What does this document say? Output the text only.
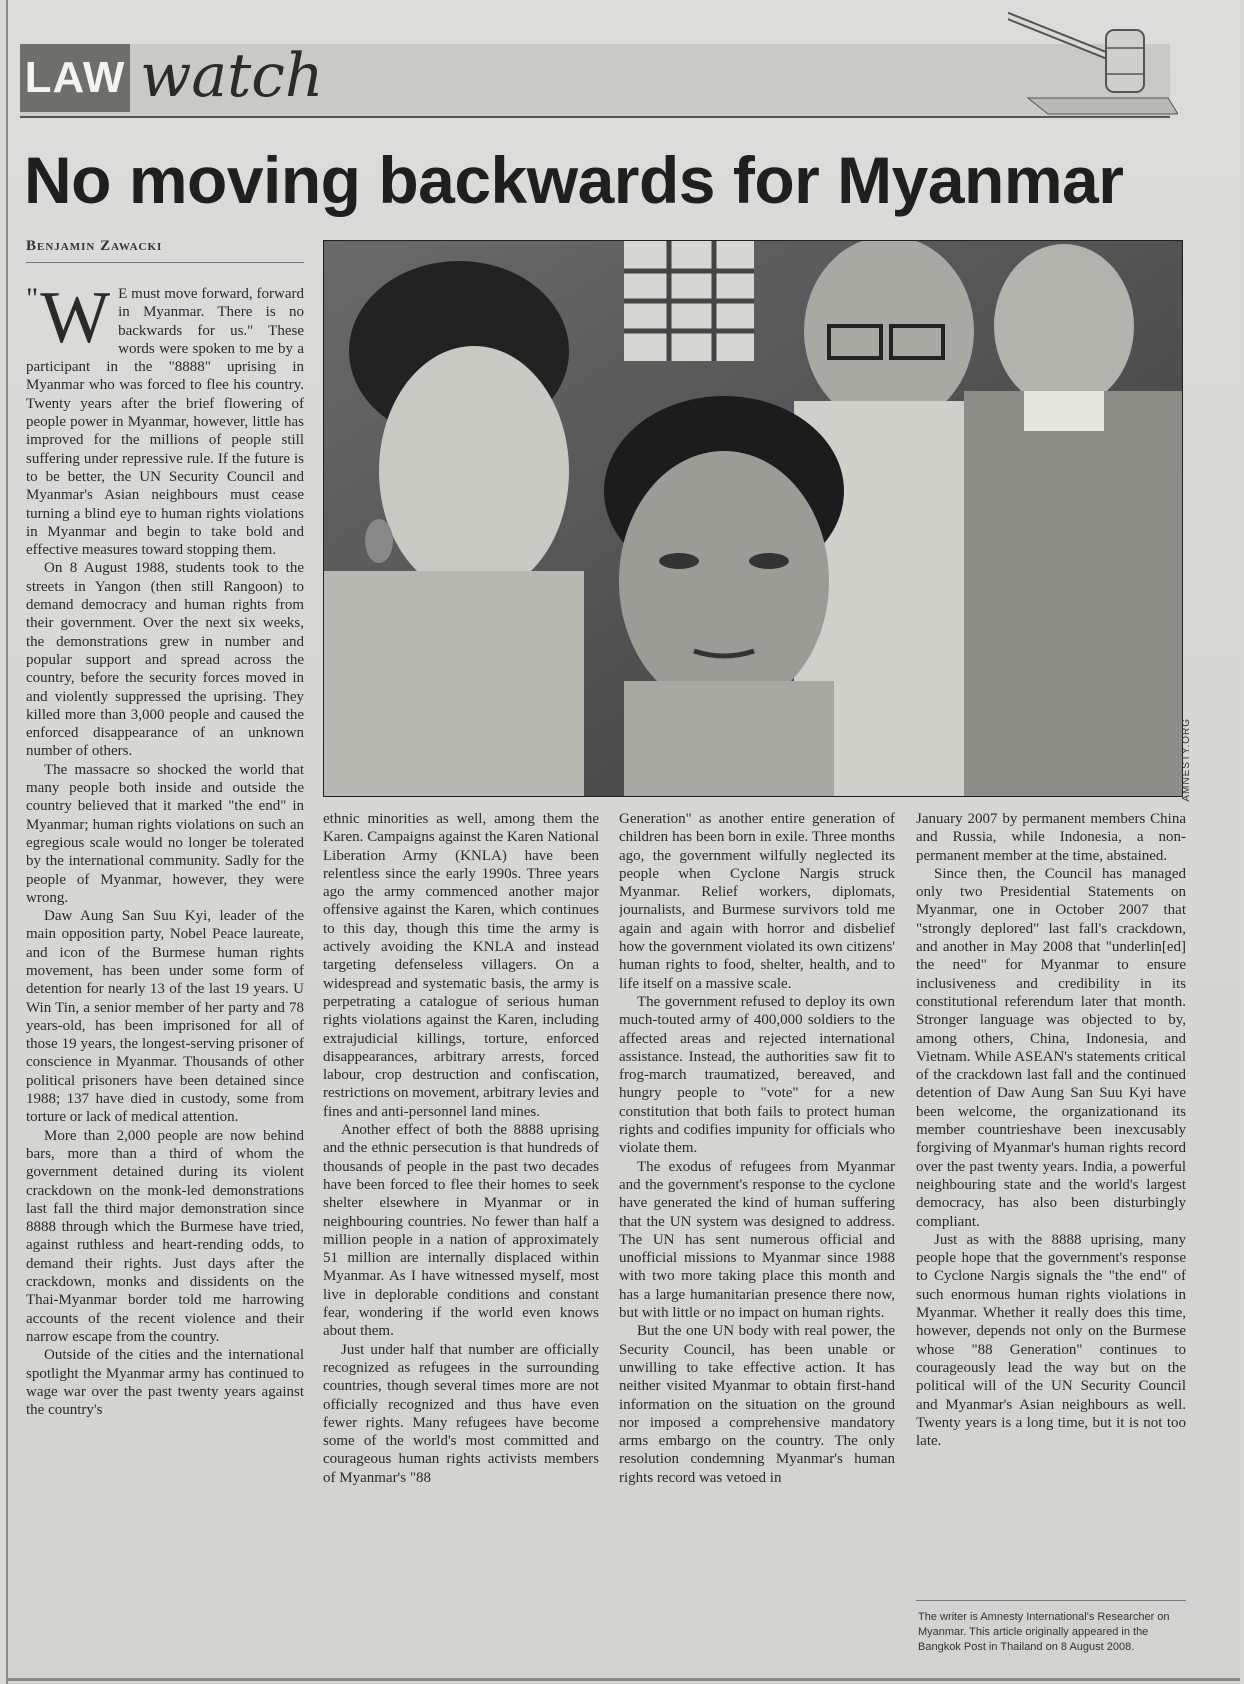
LAW watch
No moving backwards for Myanmar
Benjamin Zawacki
AMNESTY.ORG

" W E must move forward, forward in Myanmar. There is no backwards for us." These words were spoken to me by a participant in the "8888" uprising in Myanmar who was forced to flee his country. Twenty years after the brief flowering of people power in Myanmar, however, little has improved for the millions of people still suffering under repressive rule. If the future is to be better, the UN Security Council and Myanmar's Asian neighbours must cease turning a blind eye to human rights violations in Myanmar and begin to take bold and effective measures toward stopping them.

On 8 August 1988, students took to the streets in Yangon (then still Rangoon) to demand democracy and human rights from their government. Over the next six weeks, the demonstrations grew in number and popular support and spread across the country, before the security forces moved in and violently suppressed the uprising. They killed more than 3,000 people and caused the enforced disappearance of an unknown number of others.

The massacre so shocked the world that many people both inside and outside the country believed that it marked "the end" in Myanmar; human rights violations on such an egregious scale would no longer be tolerated by the international community. Sadly for the people of Myanmar, however, they were wrong.

Daw Aung San Suu Kyi, leader of the main opposition party, Nobel Peace laureate, and icon of the Burmese human rights movement, has been under some form of detention for nearly 13 of the last 19 years. U Win Tin, a senior member of her party and 78 years-old, has been imprisoned for all of those 19 years, the longest-serving prisoner of conscience in Myanmar. Thousands of other political prisoners have been detained since 1988; 137 have died in custody, some from torture or lack of medical attention.

More than 2,000 people are now behind bars, more than a third of whom the government detained during its violent crackdown on the monk-led demonstrations last fall the third major demonstration since 8888 through which the Burmese have tried, against ruthless and heart-rending odds, to demand their rights. Just days after the crackdown, monks and dissidents on the Thai-Myanmar border told me harrowing accounts of the recent violence and their narrow escape from the country.

Outside of the cities and the international spotlight the Myanmar army has continued to wage war over the past twenty years against the country's

ethnic minorities as well, among them the Karen. Campaigns against the Karen National Liberation Army (KNLA) have been relentless since the early 1990s. Three years ago the army commenced another major offensive against the Karen, which continues to this day, though this time the army is actively avoiding the KNLA and instead targeting defenseless villagers. On a widespread and systematic basis, the army is perpetrating a catalogue of serious human rights violations against the Karen, including extrajudicial killings, torture, enforced disappearances, arbitrary arrests, forced labour, crop destruction and confiscation, restrictions on movement, arbitrary levies and fines and anti-personnel land mines.

Another effect of both the 8888 uprising and the ethnic persecution is that hundreds of thousands of people in the past two decades have been forced to flee their homes to seek shelter elsewhere in Myanmar or in neighbouring countries. No fewer than half a million people in a nation of approximately 51 million are internally displaced within Myanmar. As I have witnessed myself, most live in deplorable conditions and constant fear, wondering if the world even knows about them.

Just under half that number are officially recognized as refugees in the surrounding countries, though several times more are not officially recognized and thus have even fewer rights. Many refugees have become some of the world's most committed and courageous human rights activists members of Myanmar's "88

Generation" as another entire generation of children has been born in exile. Three months ago, the government wilfully neglected its people when Cyclone Nargis struck Myanmar. Relief workers, diplomats, journalists, and Burmese survivors told me again and again with horror and disbelief how the government violated its own citizens' human rights to food, shelter, health, and to life itself on a massive scale.

The government refused to deploy its own much-touted army of 400,000 soldiers to the affected areas and rejected international assistance. Instead, the authorities saw fit to frog-march traumatized, bereaved, and hungry people to "vote" for a new constitution that both fails to protect human rights and codifies impunity for officials who violate them.

The exodus of refugees from Myanmar and the government's response to the cyclone have generated the kind of human suffering that the UN system was designed to address. The UN has sent numerous official and unofficial missions to Myanmar since 1988 with two more taking place this month and has a large humanitarian presence there now, but with little or no impact on human rights.

But the one UN body with real power, the Security Council, has been unable or unwilling to take effective action. It has neither visited Myanmar to obtain first-hand information on the situation on the ground nor imposed a comprehensive mandatory arms embargo on the country. The only resolution condemning Myanmar's human rights record was vetoed in

January 2007 by permanent members China and Russia, while Indonesia, a non-permanent member at the time, abstained.

Since then, the Council has managed only two Presidential Statements on Myanmar, one in October 2007 that "strongly deplored" last fall's crackdown, and another in May 2008 that "underlin[ed] the need" for Myanmar to ensure inclusiveness and credibility in its constitutional referendum later that month. Stronger language was objected to by, among others, China, Indonesia, and Vietnam. While ASEAN's statements critical of the crackdown last fall and the continued detention of Daw Aung San Suu Kyi have been welcome, the organizationand its member countrieshave been inexcusably forgiving of Myanmar's human rights record over the past twenty years. India, a powerful neighbouring state and the world's largest democracy, has also been disturbingly compliant.

Just as with the 8888 uprising, many people hope that the government's response to Cyclone Nargis signals the "the end" of such enormous human rights violations in Myanmar. Whether it really does this time, however, depends not only on the Burmese whose "88 Generation" continues to courageously lead the way but on the political will of the UN Security Council and Myanmar's Asian neighbours as well. Twenty years is a long time, but it is not too late.

The writer is Amnesty International's Researcher on Myanmar. This article originally appeared in the Bangkok Post in Thailand on 8 August 2008.
